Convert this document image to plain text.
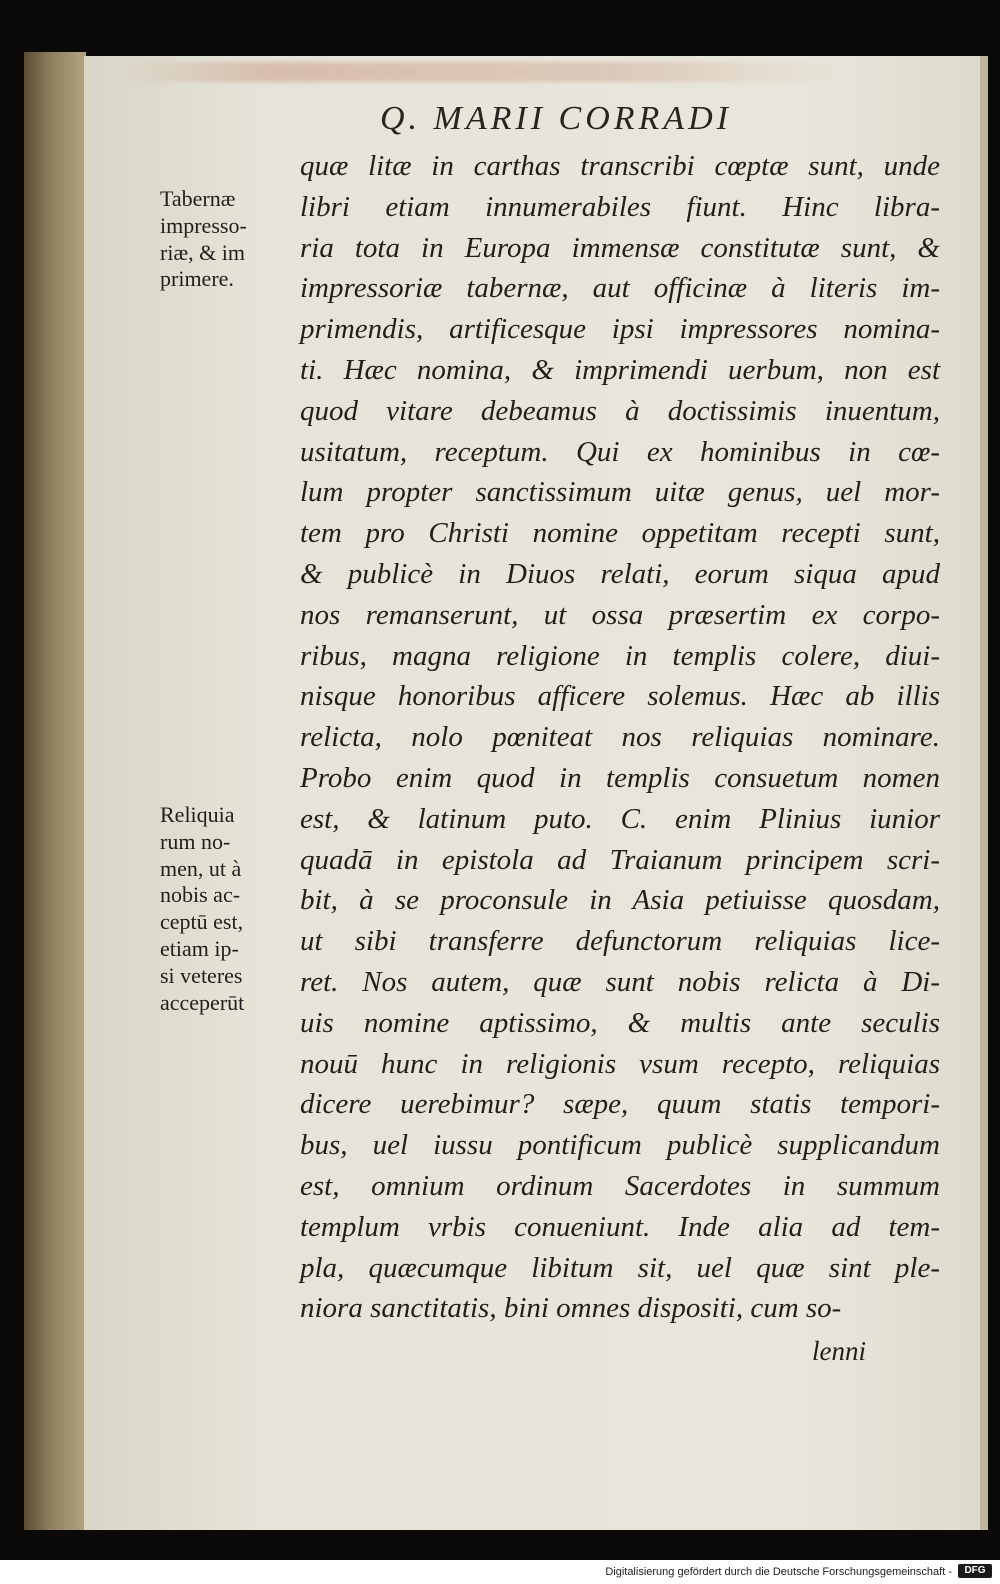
Q. MARII CORRADI
Tabernæ
impresso-
riæ, & im
primere.
Reliquia
rum no-
men, ut à
nobis ac-
ceptū est,
etiam ip-
si veteres
acceperūt
quæ litæ in carthas transcribi cœptæ sunt, unde
libri etiam innumerabiles fiunt. Hinc libra-
ria tota in Europa immensæ constitutæ sunt, &
impressoriæ tabernæ, aut officinæ à literis im-
primendis, artificesque ipsi impressores nomina-
ti. Hæc nomina, & imprimendi uerbum, non est
quod vitare debeamus à doctissimis inuentum,
usitatum, receptum. Qui ex hominibus in cœ-
lum propter sanctissimum uitæ genus, uel mor-
tem pro Christi nomine oppetitam recepti sunt,
& publicè in Diuos relati, eorum siqua apud
nos remanserunt, ut ossa præsertim ex corpo-
ribus, magna religione in templis colere, diui-
nisque honoribus afficere solemus. Hæc ab illis
relicta, nolo pœniteat nos reliquias nominare.
Probo enim quod in templis consuetum nomen
est, & latinum puto. C. enim Plinius iunior
quadā in epistola ad Traianum principem scri-
bit, à se proconsule in Asia petiuisse quosdam,
ut sibi transferre defunctorum reliquias lice-
ret. Nos autem, quæ sunt nobis relicta à Di-
uis nomine aptissimo, & multis ante seculis
nouū hunc in religionis vsum recepto, reliquias
dicere uerebimur? sæpe, quum statis tempori-
bus, uel iussu pontificum publicè supplicandum
est, omnium ordinum Sacerdotes in summum
templum vrbis conueniunt. Inde alia ad tem-
pla, quæcumque libitum sit, uel quæ sint ple-
niora sanctitatis, bini omnes dispositi, cum so-
lenni
Digitalisierung gefördert durch die Deutsche Forschungsgemeinschaft -	DFG
